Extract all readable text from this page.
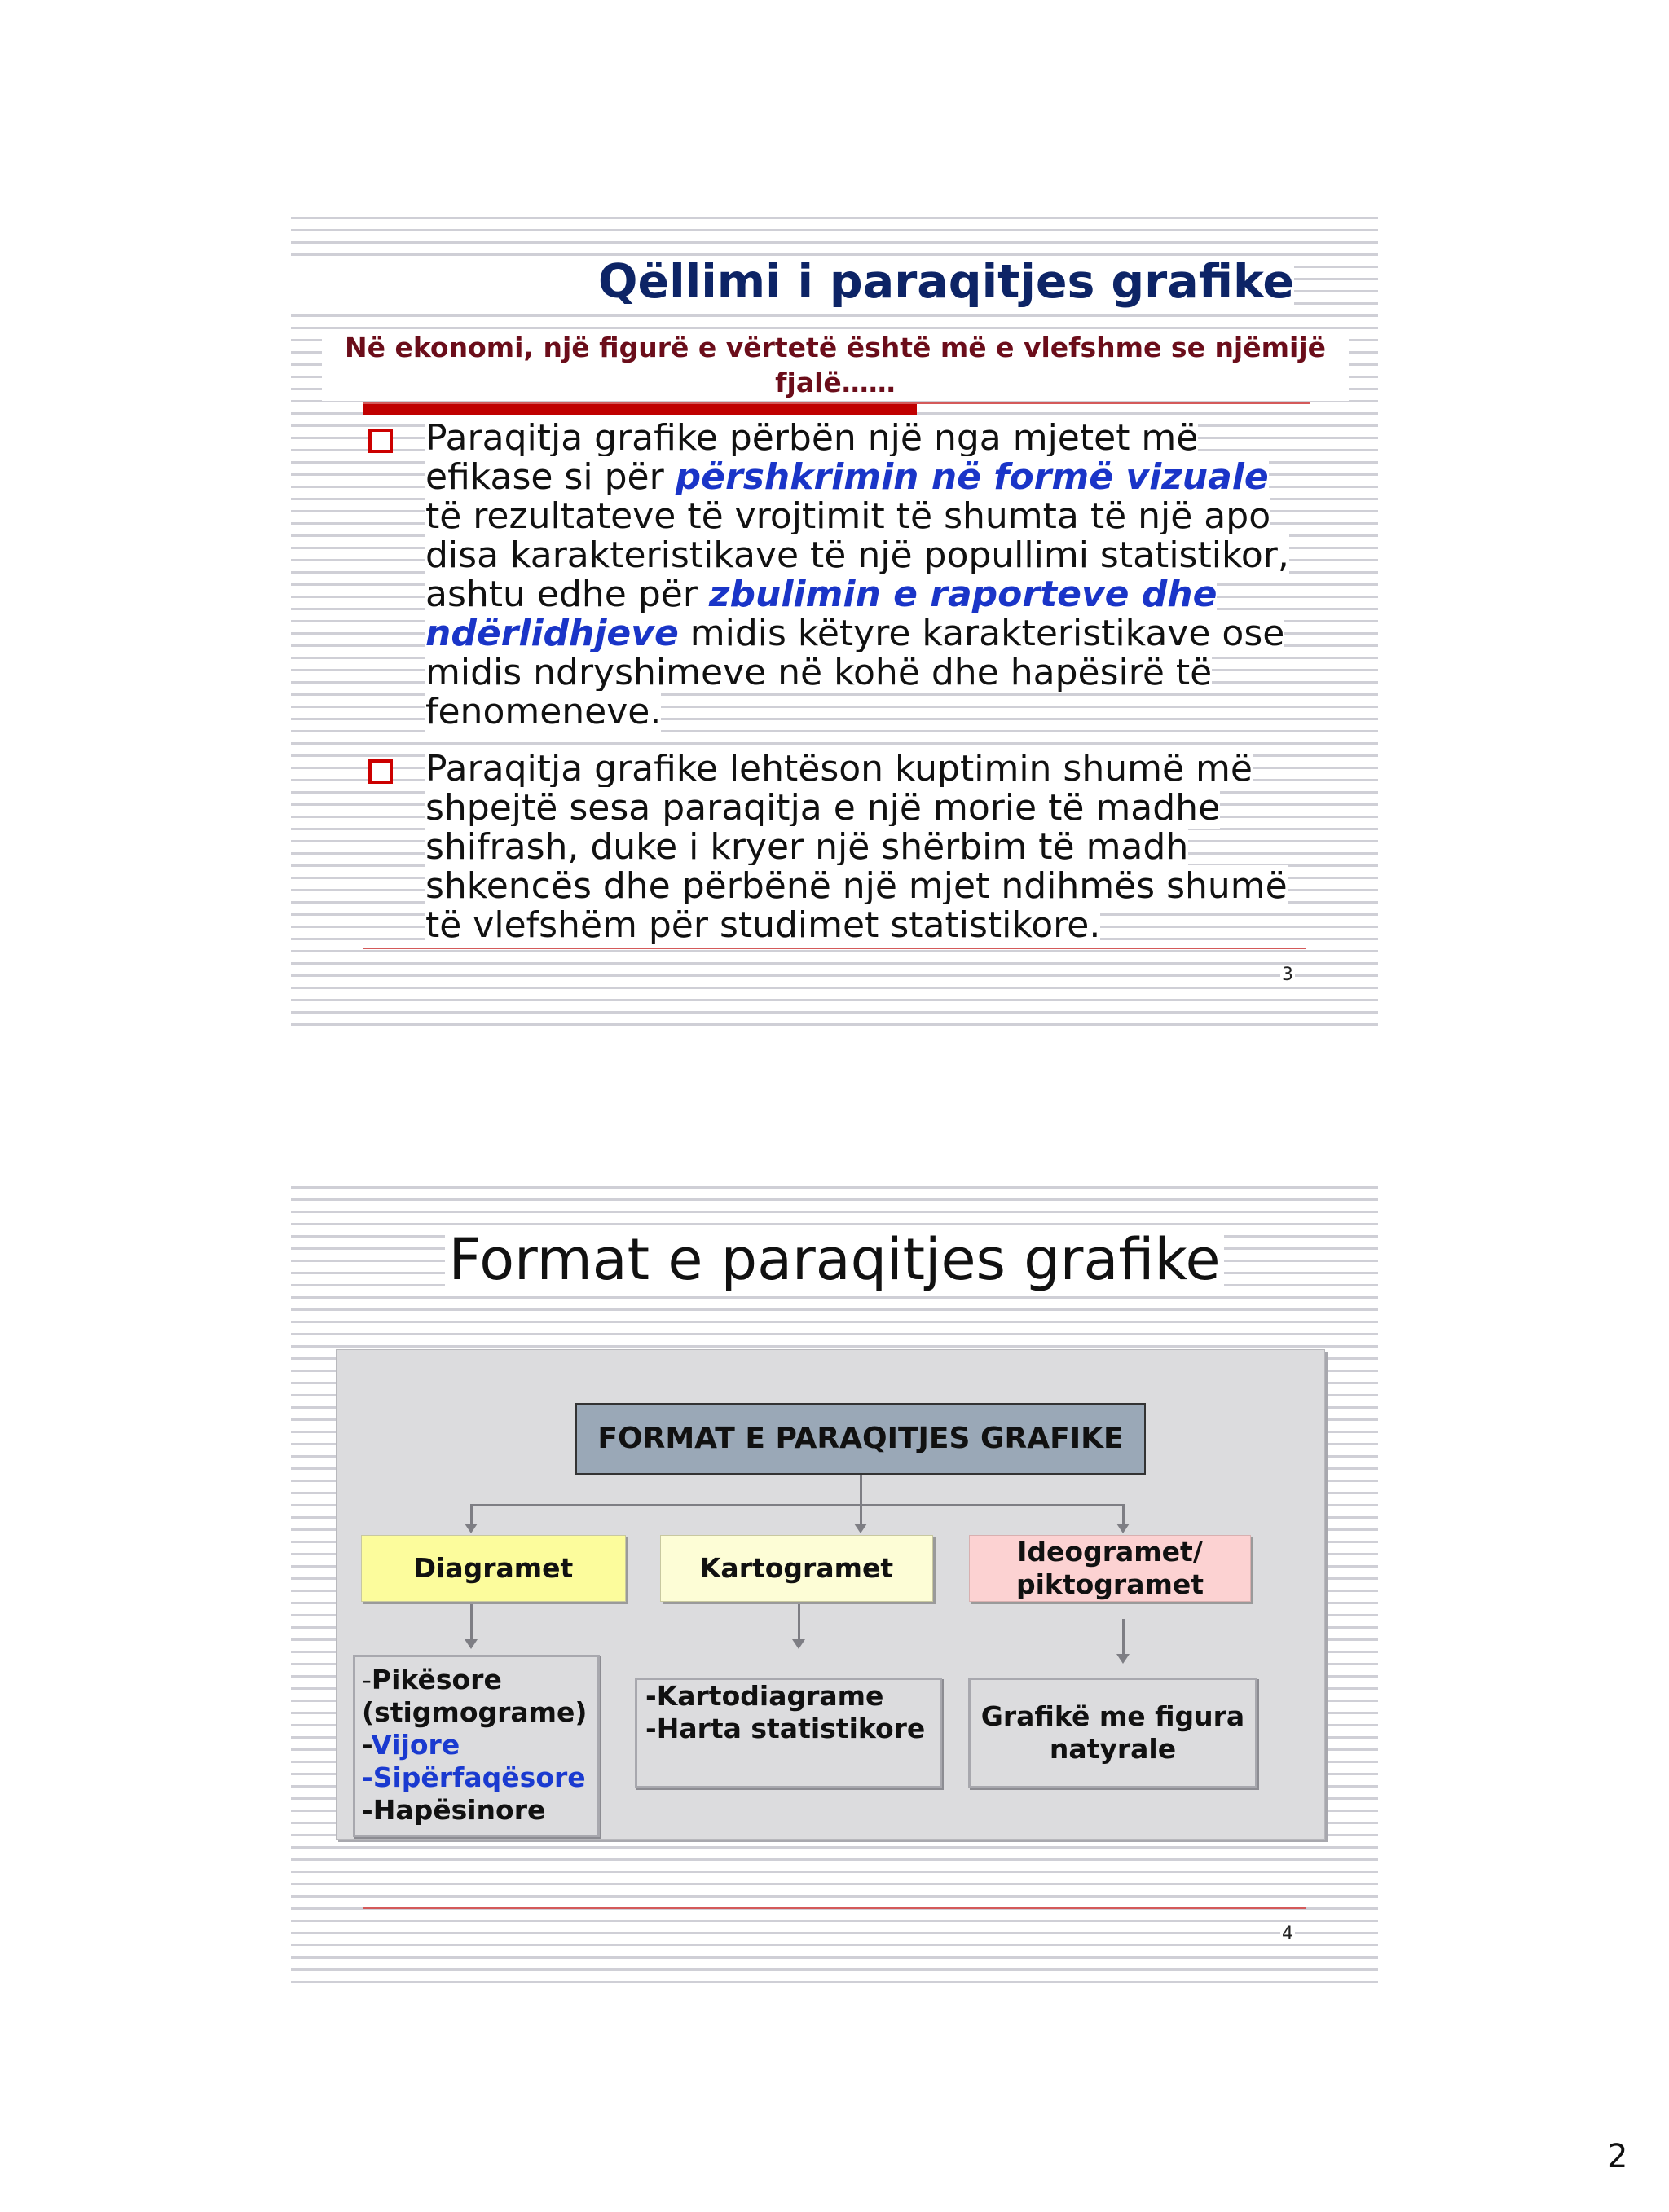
Qëllimi i paraqitjes grafike
Në ekonomi, një figurë e vërtetë është më e vlefshme se njëmijë fjalë……
Paraqitja grafike përbën një nga mjetet më efikase si për përshkrimin në formë vizuale të rezultateve të vrojtimit të shumta të një apo disa karakteristikave të një popullimi statistikor, ashtu edhe për zbulimin e raporteve dhe ndërlidhjeve midis këtyre karakteristikave ose midis ndryshimeve në kohë dhe hapësirë të fenomeneve.
Paraqitja grafike lehtëson kuptimin shumë më shpejtë sesa paraqitja e një morie të madhe shifrash, duke i kryer një shërbim të madh shkencës dhe përbënë një mjet ndihmës shumë të vlefshëm për studimet statistikore.
3
Format e paraqitjes grafike
FORMAT E PARAQITJES GRAFIKE
Diagramet	Kartogramet
Ideogramet/
piktogramet
-Pikësore
(stigmograme)
-Vijore
-Sipërfaqësore
-Hapësinore
-Kartodiagrame
-Harta statistikore Grafikë me figura
natyrale
4
2
